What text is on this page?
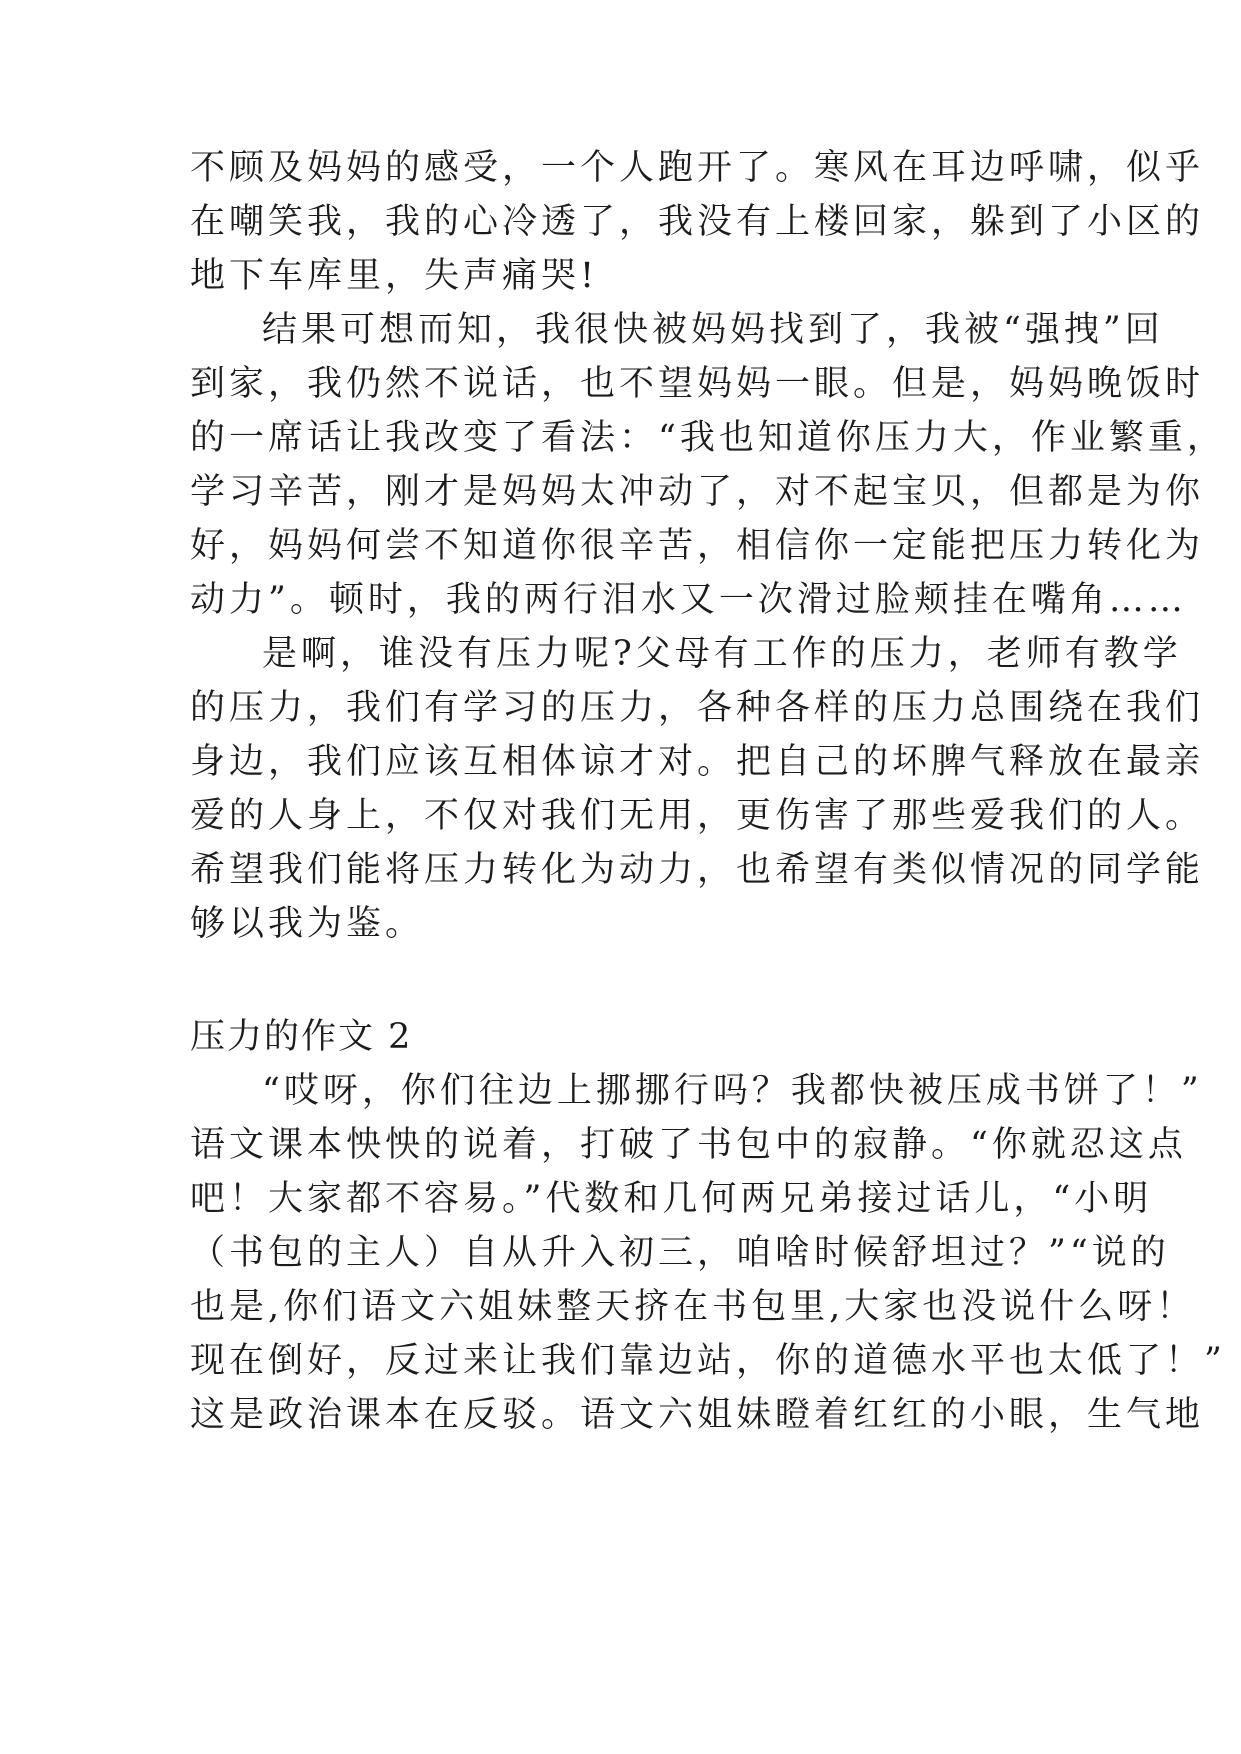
不顾及妈妈的感受，一个人跑开了。寒风在耳边呼啸，似乎
在嘲笑我，我的心冷透了，我没有上楼回家，躲到了小区的
地下车库里，失声痛哭!
结果可想而知，我很快被妈妈找到了，我被“强拽”回
到家，我仍然不说话，也不望妈妈一眼。但是，妈妈晚饭时
的一席话让我改变了看法：“我也知道你压力大，作业繁重，
学习辛苦，刚才是妈妈太冲动了，对不起宝贝，但都是为你
好，妈妈何尝不知道你很辛苦，相信你一定能把压力转化为
动力”。顿时，我的两行泪水又一次滑过脸颊挂在嘴角……
是啊，谁没有压力呢?父母有工作的压力，老师有教学
的压力，我们有学习的压力，各种各样的压力总围绕在我们
身边，我们应该互相体谅才对。把自己的坏脾气释放在最亲
爱的人身上，不仅对我们无用，更伤害了那些爱我们的人。
希望我们能将压力转化为动力，也希望有类似情况的同学能
够以我为鉴。
压力的作文 2
“哎呀，你们往边上挪挪行吗？我都快被压成书饼了！”
语文课本怏怏的说着，打破了书包中的寂静。“你就忍这点
吧！大家都不容易。”代数和几何两兄弟接过话儿，“小明
（书包的主人）自从升入初三，咱啥时候舒坦过？”“说的
也是,你们语文六姐妹整天挤在书包里,大家也没说什么呀！
现在倒好，反过来让我们靠边站，你的道德水平也太低了！”
这是政治课本在反驳。语文六姐妹瞪着红红的小眼，生气地
